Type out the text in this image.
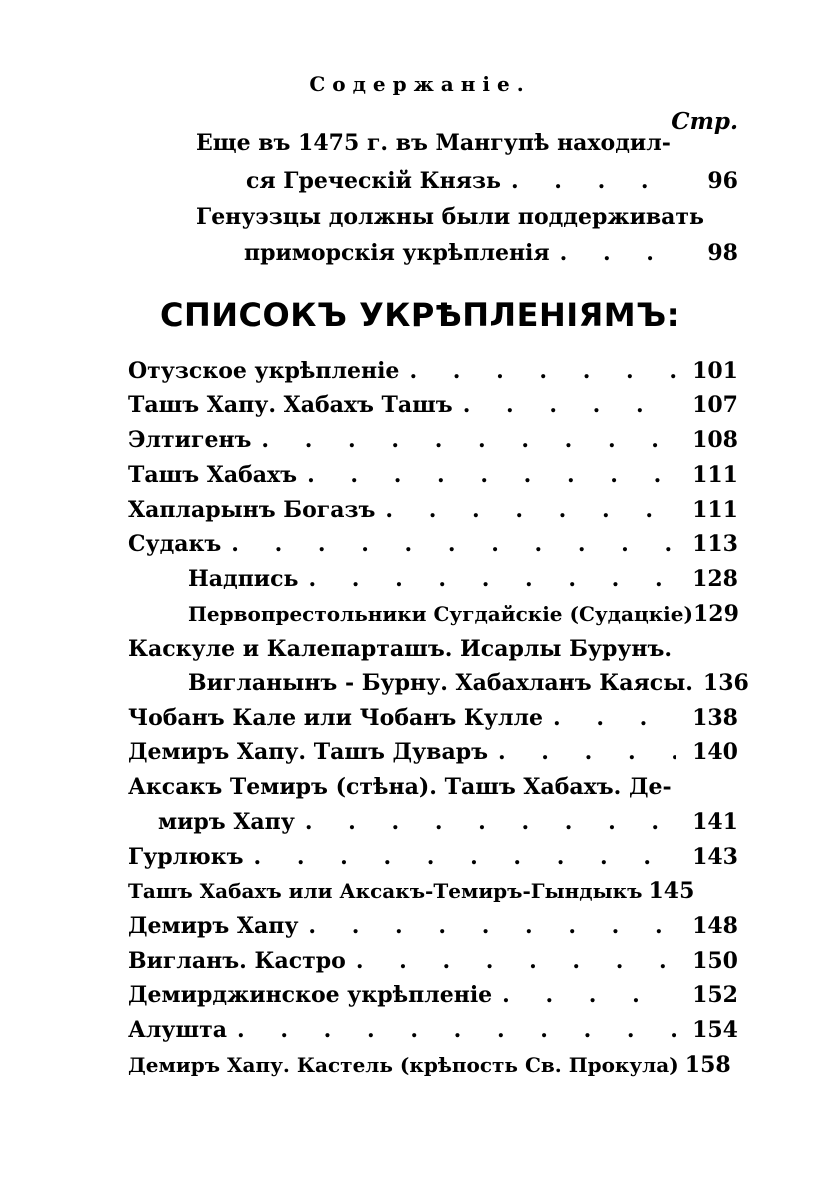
Содержаніе.
Стр.
Еще въ 1475 г. въ Мангупѣ находил-
ся Греческій Князь . . .	96
Генуэзцы должны были поддерживать
приморскія укрѣпленія . . .	98
СПИСОКЪ УКРѢПЛЕНІЯМЪ:
Отузское укрѣпленіе . . .	101
Ташъ Хапу. Хабахъ Ташъ . . .	107
Элтигенъ . . .	108
Ташъ Хабахъ . . .	111
Хапларынъ Богазъ . . .	111
Судакъ . . .	113
Надпись . . .	128
Первопрестольники Сугдайскіе (Судацкіе) 129
Каскуле и Калепарташъ. Исарлы Бурунъ.
Вигланынъ - Бурну. Хабахланъ Каясы. . . . 136
Чобанъ Кале или Чобанъ Кулле . . .	138
Демиръ Хапу. Ташъ Дуваръ . . .	140
Аксакъ Темиръ (стѣна). Ташъ Хабахъ. Де-
миръ Хапу . . .	141
Гурлюкъ . . .	143
Ташъ Хабахъ или Аксакъ-Темиръ-Гындыкъ 145
Демиръ Хапу . . .	148
Вигланъ. Кастро . . .	150
Демирджинское укрѣпленіе . . .	152
Алушта . . .	154
Демиръ Хапу. Кастель (крѣпость Св. Прокула) 158
